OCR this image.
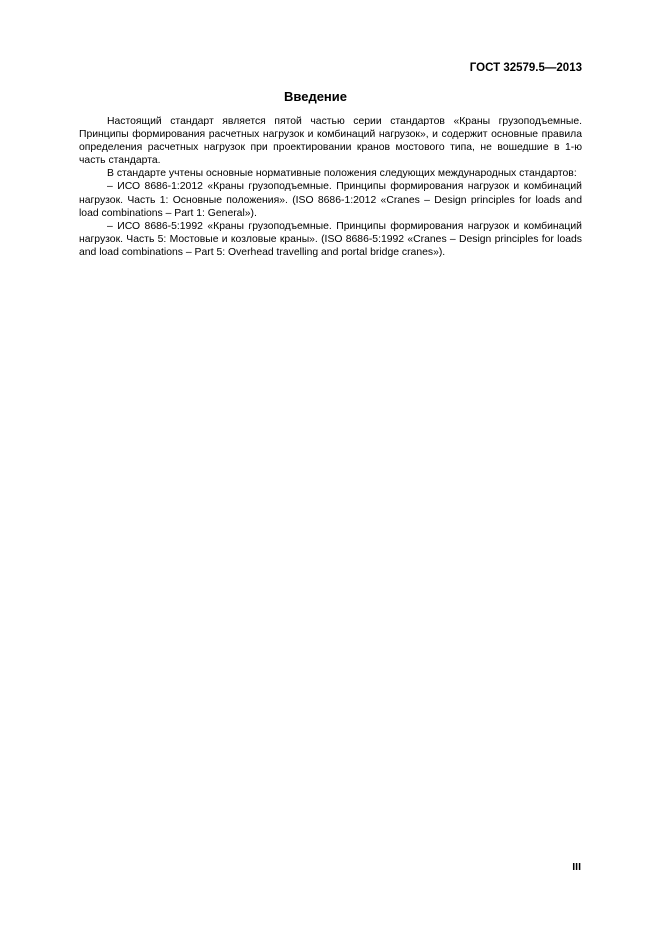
ГОСТ 32579.5—2013
Введение

Настоящий стандарт является пятой частью серии стандартов «Краны грузоподъемные. Принципы формирования расчетных нагрузок и комбинаций нагрузок», и содержит основные правила определения расчетных нагрузок при проектировании кранов мостового типа, не вошедшие в 1-ю часть стандарта.

В стандарте учтены основные нормативные положения следующих международных стандартов:

– ИСО 8686-1:2012 «Краны грузоподъемные. Принципы формирования нагрузок и комбинаций нагрузок. Часть 1: Основные положения». (ISO 8686-1:2012 «Cranes – Design principles for loads and load combinations – Part 1: General»).

– ИСО 8686-5:1992 «Краны грузоподъемные. Принципы формирования нагрузок и комбинаций нагрузок. Часть 5: Мостовые и козловые краны». (ISO 8686-5:1992 «Cranes – Design principles for loads and load combinations – Part 5: Overhead travelling and portal bridge cranes»).

III
